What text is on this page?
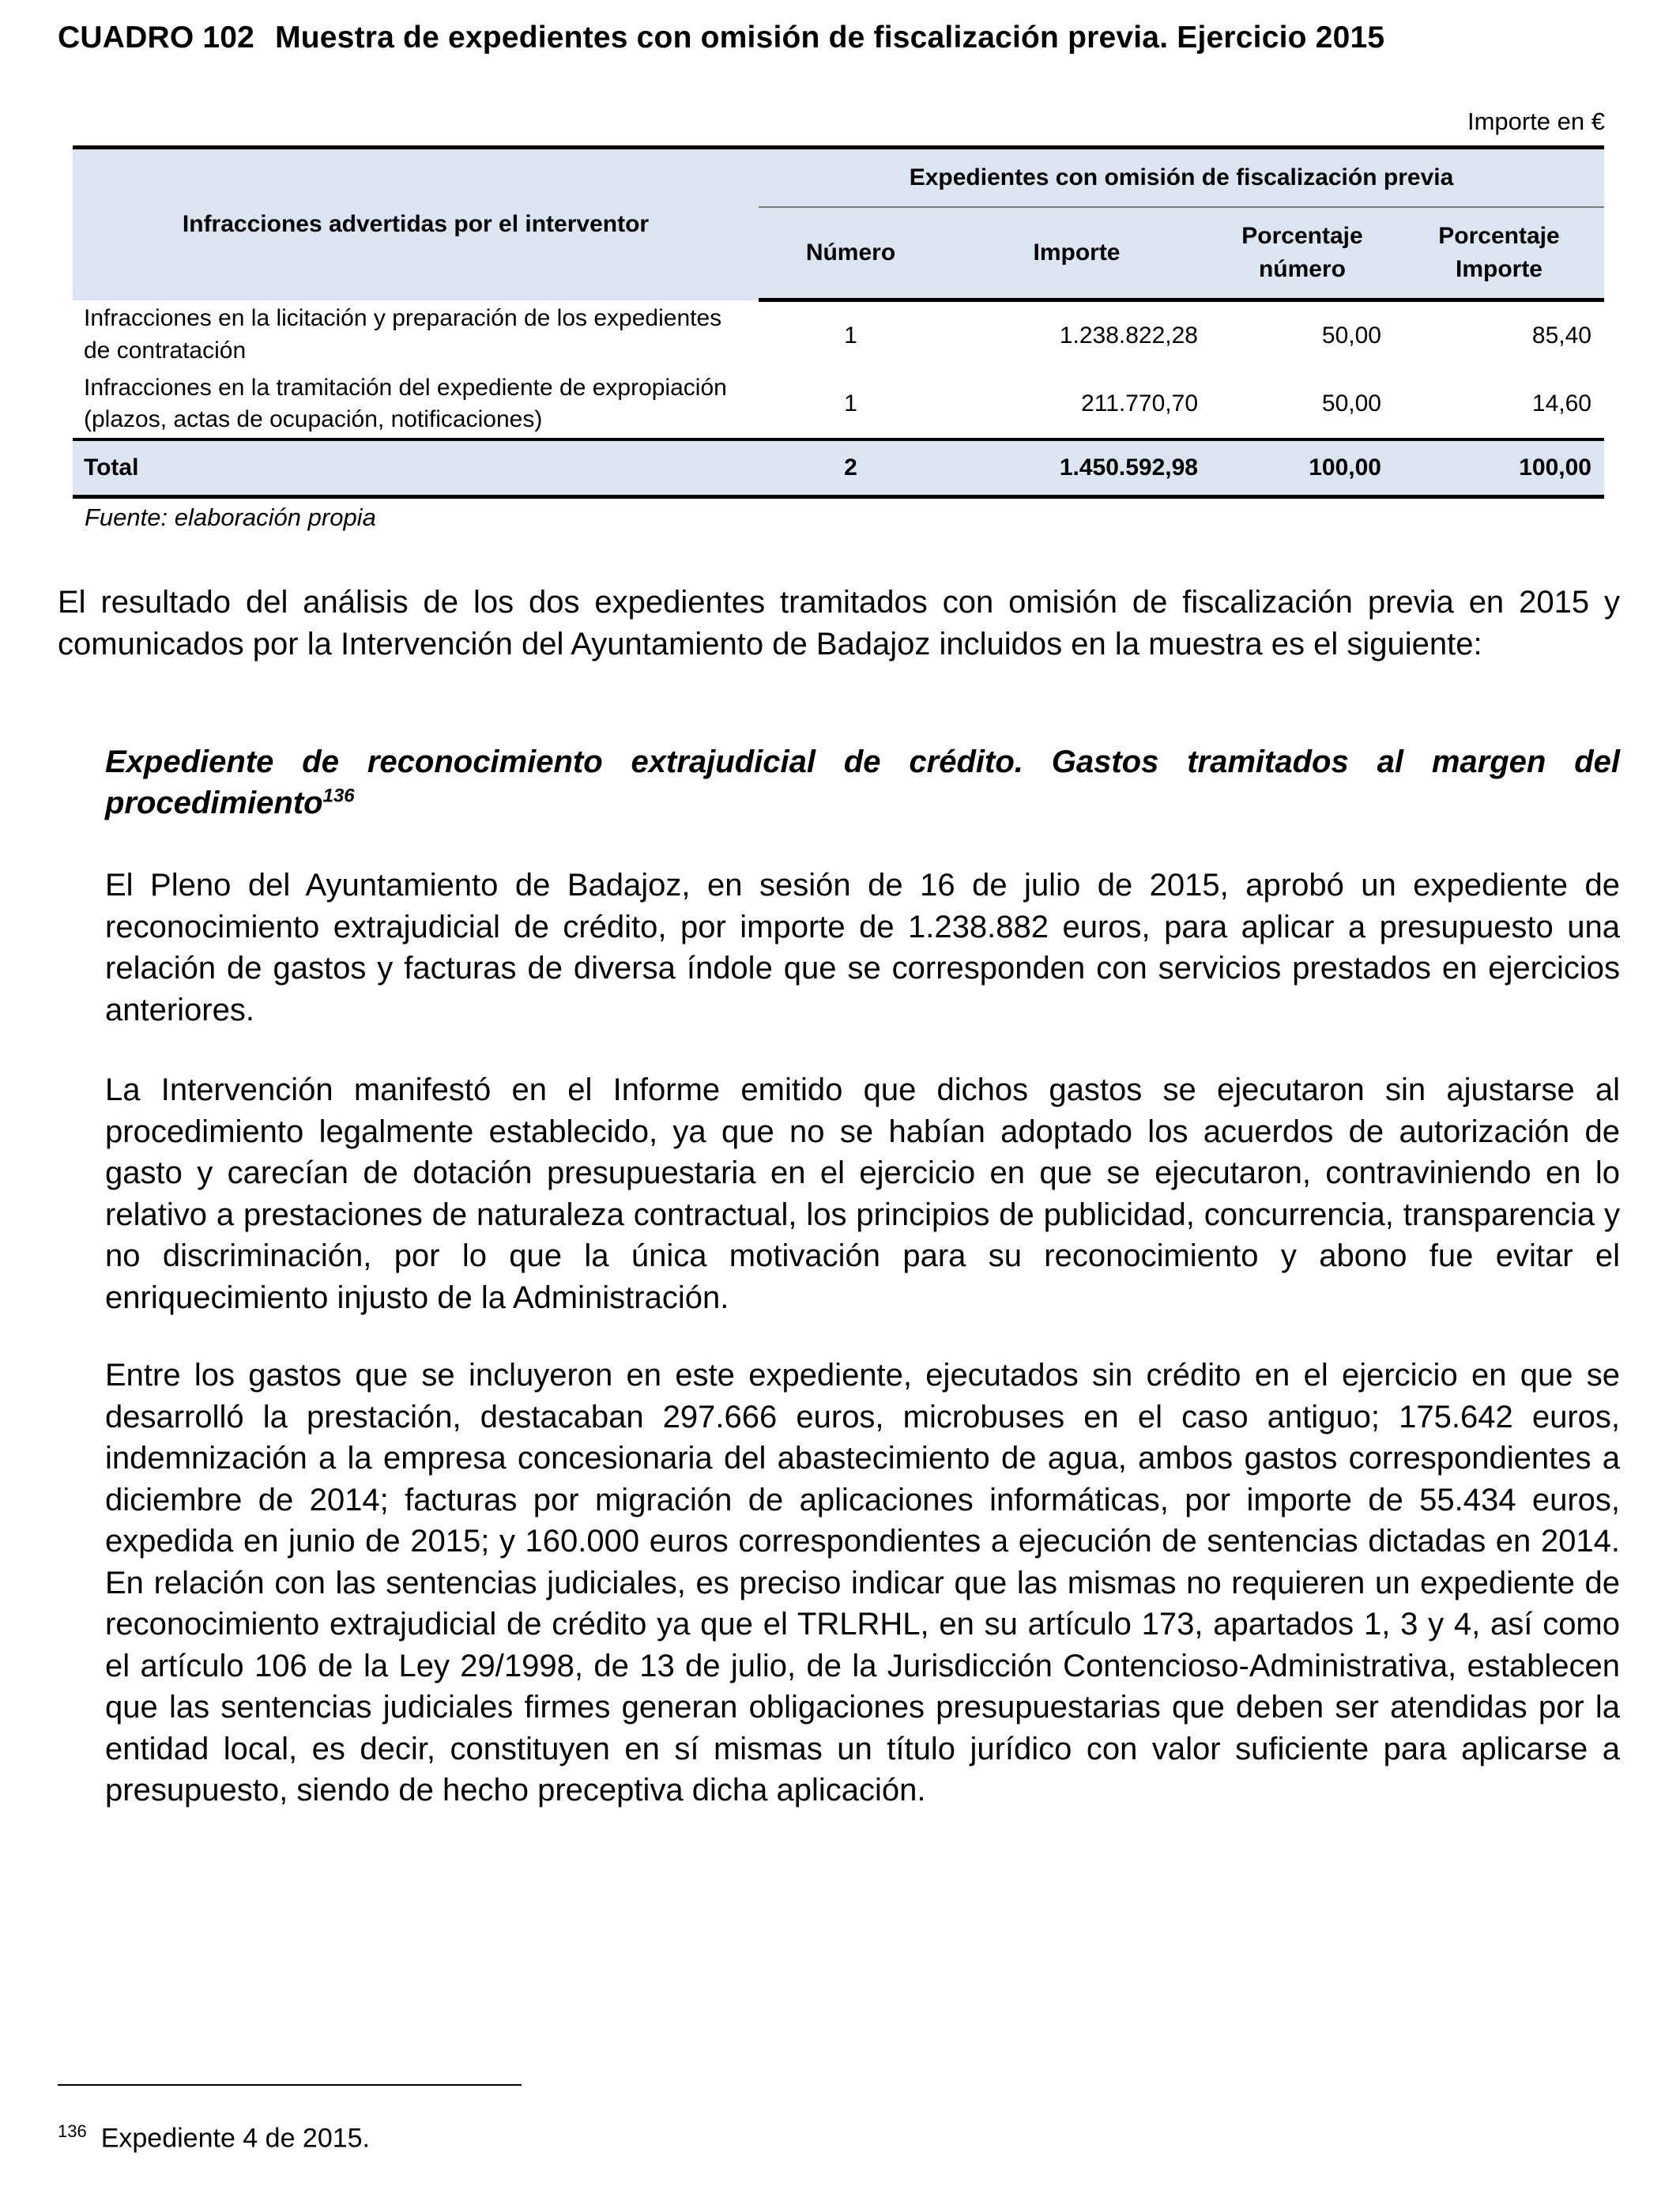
CUADRO 102 Muestra de expedientes con omisión de fiscalización previa. Ejercicio 2015
Importe en €
Infracciones advertidas por el interventor	Expedientes con omisión de fiscalización previa			
	Número	Importe	Porcentaje número	Porcentaje Importe
Infracciones en la licitación y preparación de los expedientes de contratación	1	1.238.822,28	50,00	85,40
Infracciones en la tramitación del expediente de expropiación (plazos, actas de ocupación, notificaciones)	1	211.770,70	50,00	14,60
Total	2	1.450.592,98	100,00	100,00
Fuente: elaboración propia

El resultado del análisis de los dos expedientes tramitados con omisión de fiscalización previa en 2015 y comunicados por la Intervención del Ayuntamiento de Badajoz incluidos en la muestra es el siguiente:

Expediente de reconocimiento extrajudicial de crédito. Gastos tramitados al margen del procedimiento$^{136}$

El Pleno del Ayuntamiento de Badajoz, en sesión de 16 de julio de 2015, aprobó un expediente de reconocimiento extrajudicial de crédito, por importe de 1.238.882 euros, para aplicar a presupuesto una relación de gastos y facturas de diversa índole que se corresponden con servicios prestados en ejercicios anteriores.

La Intervención manifestó en el Informe emitido que dichos gastos se ejecutaron sin ajustarse al procedimiento legalmente establecido, ya que no se habían adoptado los acuerdos de autorización de gasto y carecían de dotación presupuestaria en el ejercicio en que se ejecutaron, contraviniendo en lo relativo a prestaciones de naturaleza contractual, los principios de publicidad, concurrencia, transparencia y no discriminación, por lo que la única motivación para su reconocimiento y abono fue evitar el enriquecimiento injusto de la Administración.

Entre los gastos que se incluyeron en este expediente, ejecutados sin crédito en el ejercicio en que se desarrolló la prestación, destacaban 297.666 euros, microbuses en el caso antiguo; 175.642 euros, indemnización a la empresa concesionaria del abastecimiento de agua, ambos gastos correspondientes a diciembre de 2014; facturas por migración de aplicaciones informáticas, por importe de 55.434 euros, expedida en junio de 2015; y 160.000 euros correspondientes a ejecución de sentencias dictadas en 2014. En relación con las sentencias judiciales, es preciso indicar que las mismas no requieren un expediente de reconocimiento extrajudicial de crédito ya que el TRLRHL, en su artículo 173, apartados 1, 3 y 4, así como el artículo 106 de la Ley 29/1998, de 13 de julio, de la Jurisdicción Contencioso-Administrativa, establecen que las sentencias judiciales firmes generan obligaciones presupuestarias que deben ser atendidas por la entidad local, es decir, constituyen en sí mismas un título jurídico con valor suficiente para aplicarse a presupuesto, siendo de hecho preceptiva dicha aplicación.

$^{136}$ Expediente 4 de 2015.
